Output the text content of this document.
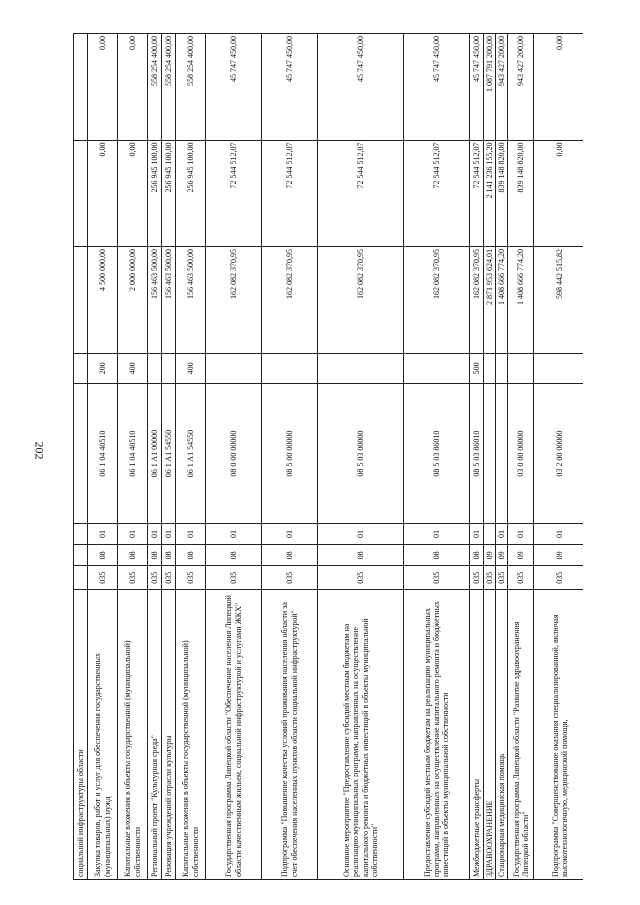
202
социальной инфраструктуры области								
Закупка товаров, работ и услуг для обеспечения государственных (муниципальных) нужд	035	08	01	06 1 04 40510	200	4 500 000,00	0,00	0,00
Капитальные вложения в объекты государственной (муниципальной) собственности	035	08	01	06 1 04 40510	400	2 000 000,00	0,00	0,00
Региональный проект "Культурная среда"	035	08	01	06 1 A1 00000		156 463 500,00	256 945 100,00	558 254 400,00
Реновация учреждений отрасли культуры	035	08	01	06 1 A1 54550		156 463 500,00	256 945 100,00	558 254 400,00
Капитальные вложения в объекты государственной (муниципальной) собственности	035	08	01	06 1 A1 54550	400	156 463 500,00	256 945 100,00	558 254 400,00
Государственная программа Липецкой области "Обеспечение населения Липецкой области качественным жильем, социальной инфраструктурой и услугами ЖКХ"	035	08	01	08 0 00 00000		162 082 370,95	72 544 512,07	45 747 450,00
Подпрограмма "Повышение качества условий проживания населения области за счет обеспечения населенных пунктов области социальной инфраструктурой"	035	08	01	08 5 00 00000		162 082 370,95	72 544 512,07	45 747 450,00
Основное мероприятие "Предоставление субсидий местным бюджетам на реализацию муниципальных программ, направленных на осуществление капитального ремонта и бюджетных инвестиций в объекты муниципальной собственности"	035	08	01	08 5 03 00000		162 082 370,95	72 544 512,07	45 747 450,00
Предоставление субсидий местным бюджетам на реализацию муниципальных программ, направленных на осуществление капитального ремонта и бюджетных инвестиций в объекты муниципальной собственности	035	08	01	08 5 03 86010		162 082 370,95	72 544 512,07	45 747 450,00
Межбюджетные трансферты	035	08	01	08 5 03 86010	500	162 082 370,95	72 544 512,07	45 747 450,00
ЗДРАВООХРАНЕНИЕ	035	09				2 871 953 624,01	2 141 236 155,20	1 087 791 200,00
Стационарная медицинская помощь	035	09	01			1 408 666 774,20	839 148 820,00	943 427 200,00
Государственная программа Липецкой области "Развитие здравоохранения Липецкой области"	035	09	01	03 0 00 00000		1 408 666 774,20	839 148 820,00	943 427 200,00
Подпрограмма "Совершенствование оказания специализированной, включая высокотехнологичную, медицинской помощи,	035	09	01	03 2 00 00000		598 442 515,82	0,00	0,00
